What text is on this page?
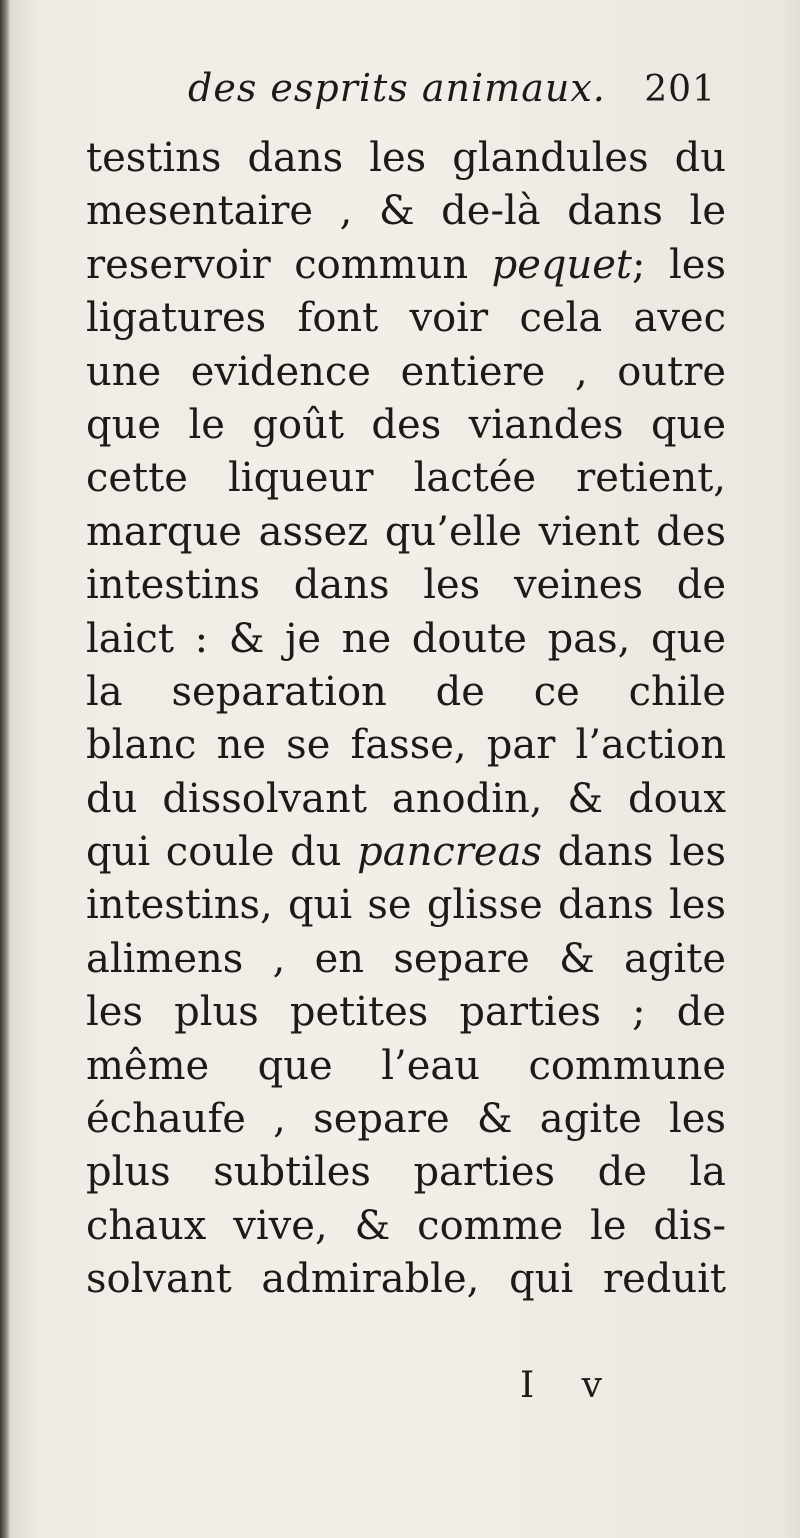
des esprits animaux. 201
testins dans les glandules du
mesentaire , & de-là dans le
reservoir commun pequet; les
ligatures font voir cela avec
une evidence entiere , outre
que le goût des viandes que
cette liqueur lactée retient,
marque assez qu’elle vient des
intestins dans les veines de
laict : & je ne doute pas, que
la separation de ce chile
blanc ne se fasse, par l’action
du dissolvant anodin, & doux
qui coule du pancreas dans les
intestins, qui se glisse dans les
alimens , en separe & agite
les plus petites parties ; de
même que l’eau commune
échaufe , separe & agite les
plus subtiles parties de la
chaux vive, & comme le dis-
solvant admirable, qui reduit
I v
